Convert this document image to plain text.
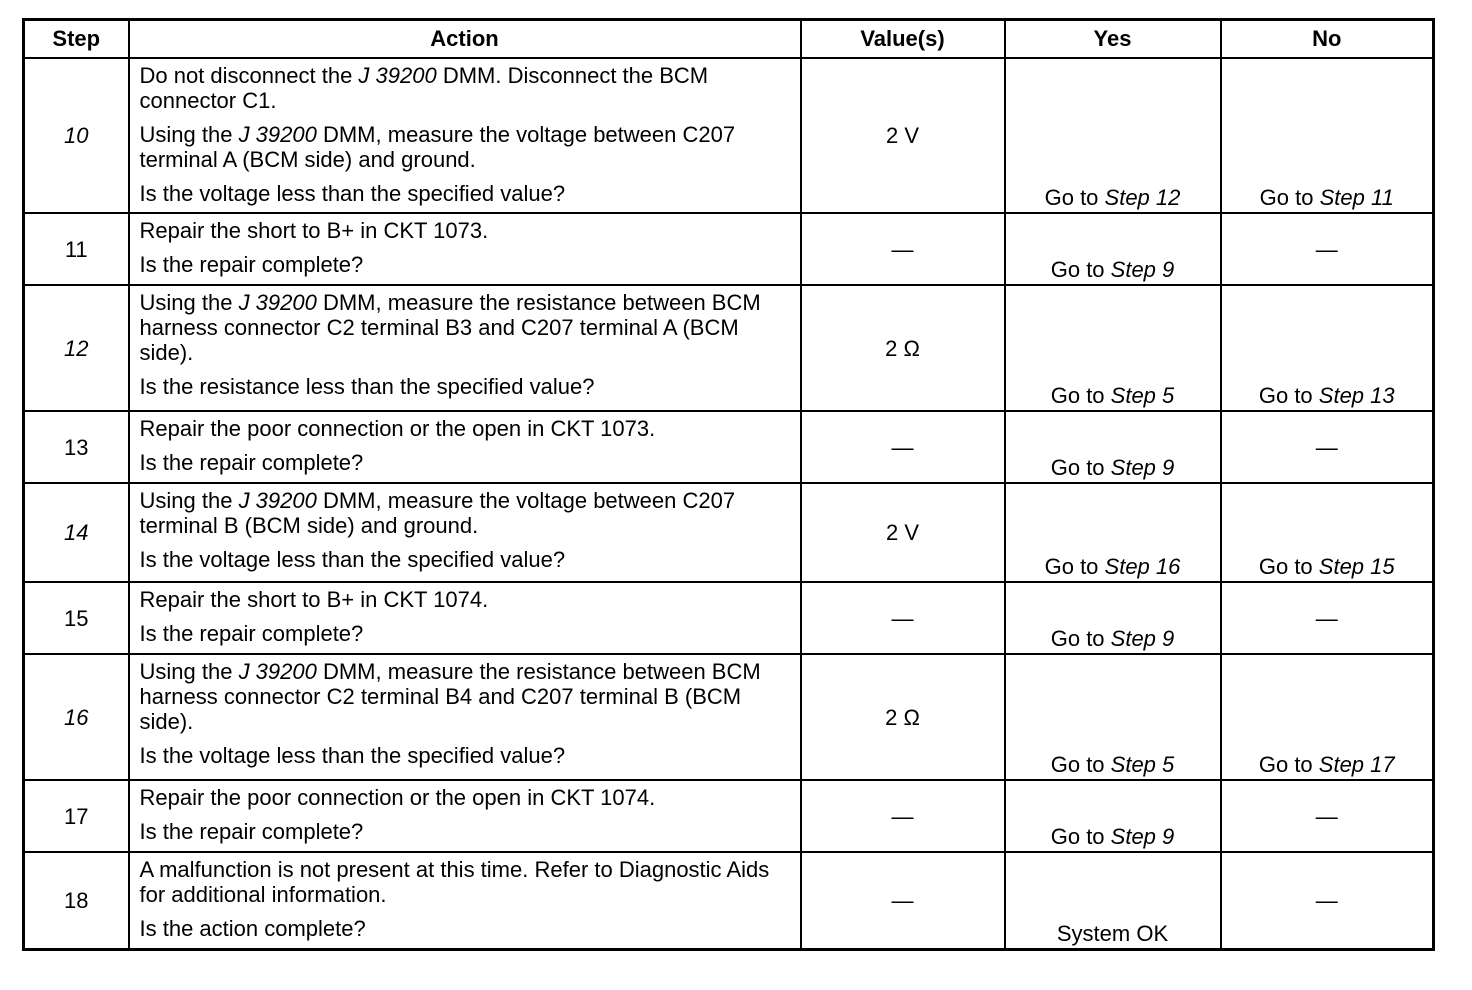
Step	Action	Value(s)	Yes	No
10	Do not disconnect the J 39200 DMM. Disconnect the BCM connector C1.

Using the J 39200 DMM, measure the voltage between C207 terminal A (BCM side) and ground.

Is the voltage less than the specified value?	2 V	Go to Step 12	Go to Step 11
11	Repair the short to B+ in CKT 1073.

Is the repair complete?	—	Go to Step 9	—
12	Using the J 39200 DMM, measure the resistance between BCM harness connector C2 terminal B3 and C207 terminal A (BCM side).

Is the resistance less than the specified value?	2 Ω	Go to Step 5	Go to Step 13
13	Repair the poor connection or the open in CKT 1073.

Is the repair complete?	—	Go to Step 9	—
14	Using the J 39200 DMM, measure the voltage between C207 terminal B (BCM side) and ground.

Is the voltage less than the specified value?	2 V	Go to Step 16	Go to Step 15
15	Repair the short to B+ in CKT 1074.

Is the repair complete?	—	Go to Step 9	—
16	Using the J 39200 DMM, measure the resistance between BCM harness connector C2 terminal B4 and C207 terminal B (BCM side).

Is the voltage less than the specified value?	2 Ω	Go to Step 5	Go to Step 17
17	Repair the poor connection or the open in CKT 1074.

Is the repair complete?	—	Go to Step 9	—
18	A malfunction is not present at this time. Refer to Diagnostic Aids for additional information.

Is the action complete?	—	System OK	—
